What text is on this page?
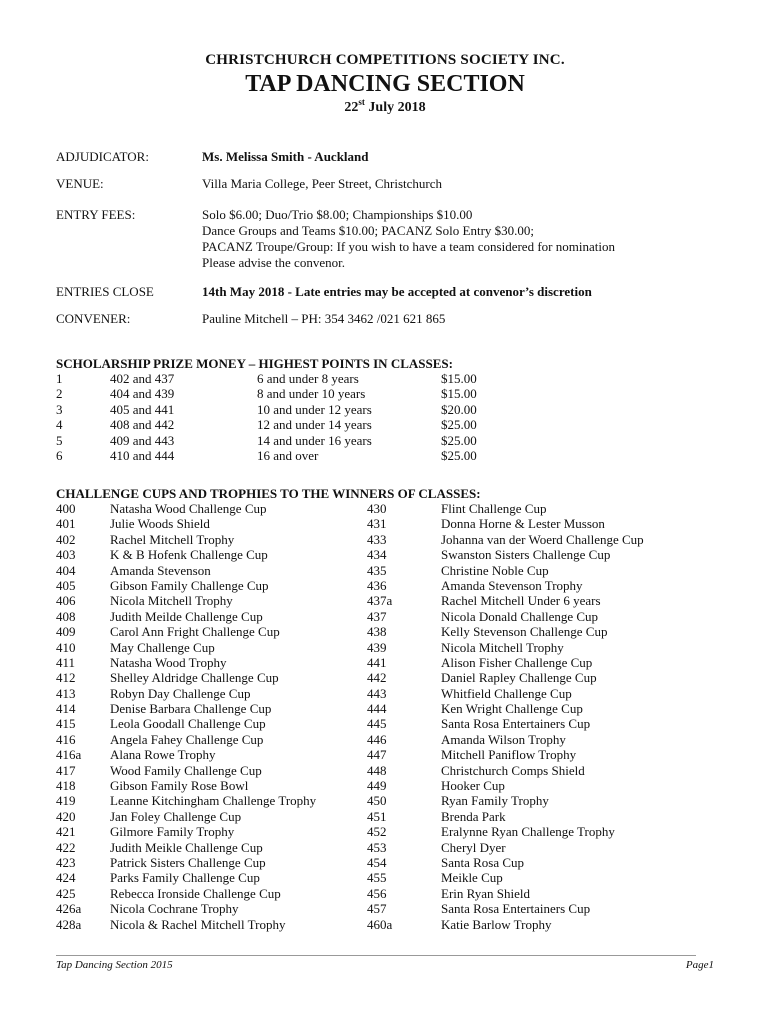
CHRISTCHURCH COMPETITIONS SOCIETY INC.
TAP DANCING SECTION
22st July 2018
ADJUDICATOR:	Ms. Melissa Smith - Auckland
VENUE:	Villa Maria College, Peer Street, Christchurch
ENTRY FEES:	Solo $6.00; Duo/Trio $8.00; Championships $10.00
Dance Groups and Teams $10.00; PACANZ Solo Entry $30.00;
PACANZ Troupe/Group: If you wish to have a team considered for nomination
Please advise the convenor.
ENTRIES CLOSE	14th May 2018 - Late entries may be accepted at convenor’s discretion
CONVENER:	Pauline Mitchell – PH: 354 3462 /021 621 865
SCHOLARSHIP PRIZE MONEY – HIGHEST POINTS IN CLASSES:
1	402 and 437	6 and under 8 years	$15.00
2	404 and 439	8 and under 10 years	$15.00
3	405 and 441	10 and under 12 years	$20.00
4	408 and 442	12 and under 14 years	$25.00
5	409 and 443	14 and under 16 years	$25.00
6	410 and 444	16 and over	$25.00
CHALLENGE CUPS AND TROPHIES TO THE WINNERS OF CLASSES:
400	Natasha Wood Challenge Cup	430	Flint Challenge Cup
401	Julie Woods Shield	431	Donna Horne & Lester Musson
402	Rachel Mitchell Trophy	433	Johanna van der Woerd Challenge Cup
403	K & B Hofenk Challenge Cup	434	Swanston Sisters Challenge Cup
404	Amanda Stevenson	435	Christine Noble Cup
405	Gibson Family Challenge Cup	436	Amanda Stevenson Trophy
406	Nicola Mitchell Trophy	437a	Rachel Mitchell Under 6 years
408	Judith Meilde Challenge Cup	437	Nicola Donald Challenge Cup
409	Carol Ann Fright Challenge Cup	438	Kelly Stevenson Challenge Cup
410	May Challenge Cup	439	Nicola Mitchell Trophy
411	Natasha Wood Trophy	441	Alison Fisher Challenge Cup
412	Shelley Aldridge Challenge Cup	442	Daniel Rapley Challenge Cup
413	Robyn Day Challenge Cup	443	Whitfield Challenge Cup
414	Denise Barbara Challenge Cup	444	Ken Wright Challenge Cup
415	Leola Goodall Challenge Cup	445	Santa Rosa Entertainers Cup
416	Angela Fahey Challenge Cup	446	Amanda Wilson Trophy
416a Alana Rowe Trophy	447	Mitchell Paniflow Trophy
417	Wood Family Challenge Cup	448	Christchurch Comps Shield
418	Gibson Family Rose Bowl	449	Hooker Cup
419	Leanne Kitchingham Challenge Trophy	450	Ryan Family Trophy
420	Jan Foley Challenge Cup	451	Brenda Park
421	Gilmore Family Trophy	452	Eralynne Ryan Challenge Trophy
422	Judith Meikle Challenge Cup	453	Cheryl Dyer
423	Patrick Sisters Challenge Cup	454	Santa Rosa Cup
424	Parks Family Challenge Cup	455	Meikle Cup
425	Rebecca Ironside Challenge Cup	456	Erin Ryan Shield
426a Nicola Cochrane Trophy	457	Santa Rosa Entertainers Cup
428a Nicola & Rachel Mitchell Trophy	460a	Katie Barlow Trophy
Tap Dancing Section 2015	Page1
